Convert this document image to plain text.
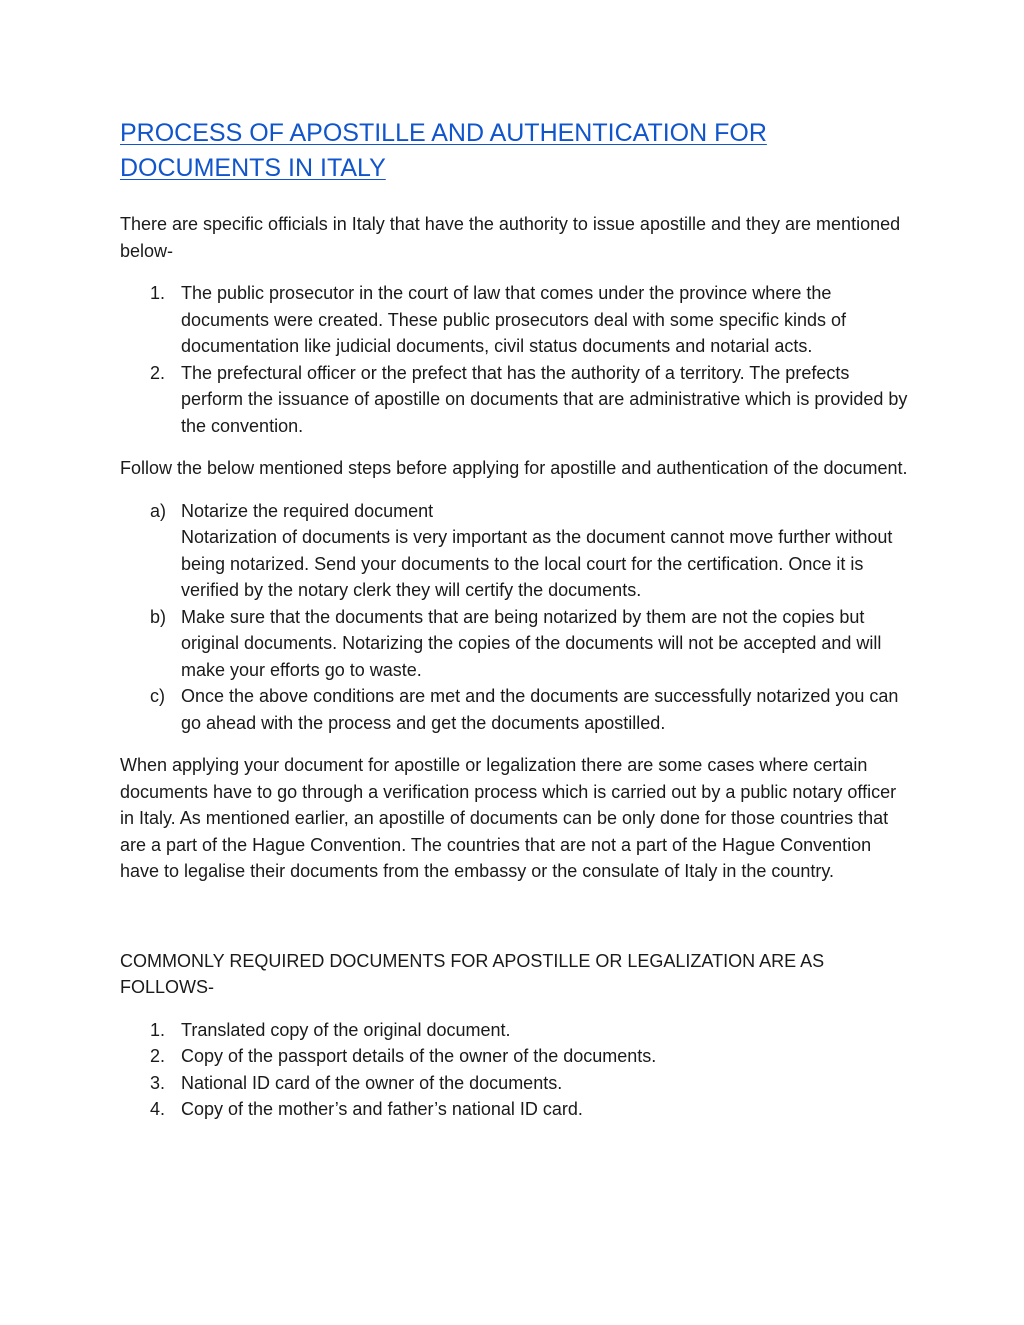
PROCESS OF APOSTILLE AND AUTHENTICATION FOR DOCUMENTS IN ITALY

There are specific officials in Italy that have the authority to issue apostille and they are mentioned below-

1. The public prosecutor in the court of law that comes under the province where the documents were created. These public prosecutors deal with some specific kinds of documentation like judicial documents, civil status documents and notarial acts.
2. The prefectural officer or the prefect that has the authority of a territory. The prefects perform the issuance of apostille on documents that are administrative which is provided by the convention.

Follow the below mentioned steps before applying for apostille and authentication of the document.

a) Notarize the required document
Notarization of documents is very important as the document cannot move further without being notarized. Send your documents to the local court for the certification. Once it is verified by the notary clerk they will certify the documents.
b) Make sure that the documents that are being notarized by them are not the copies but original documents. Notarizing the copies of the documents will not be accepted and will make your efforts go to waste.
c) Once the above conditions are met and the documents are successfully notarized you can go ahead with the process and get the documents apostilled.

When applying your document for apostille or legalization there are some cases where certain documents have to go through a verification process which is carried out by a public notary officer in Italy. As mentioned earlier, an apostille of documents can be only done for those countries that are a part of the Hague Convention. The countries that are not a part of the Hague Convention have to legalise their documents from the embassy or the consulate of Italy in the country.

COMMONLY REQUIRED DOCUMENTS FOR APOSTILLE OR LEGALIZATION ARE AS FOLLOWS-

1. Translated copy of the original document.
2. Copy of the passport details of the owner of the documents.
3. National ID card of the owner of the documents.
4. Copy of the mother’s and father’s national ID card.
